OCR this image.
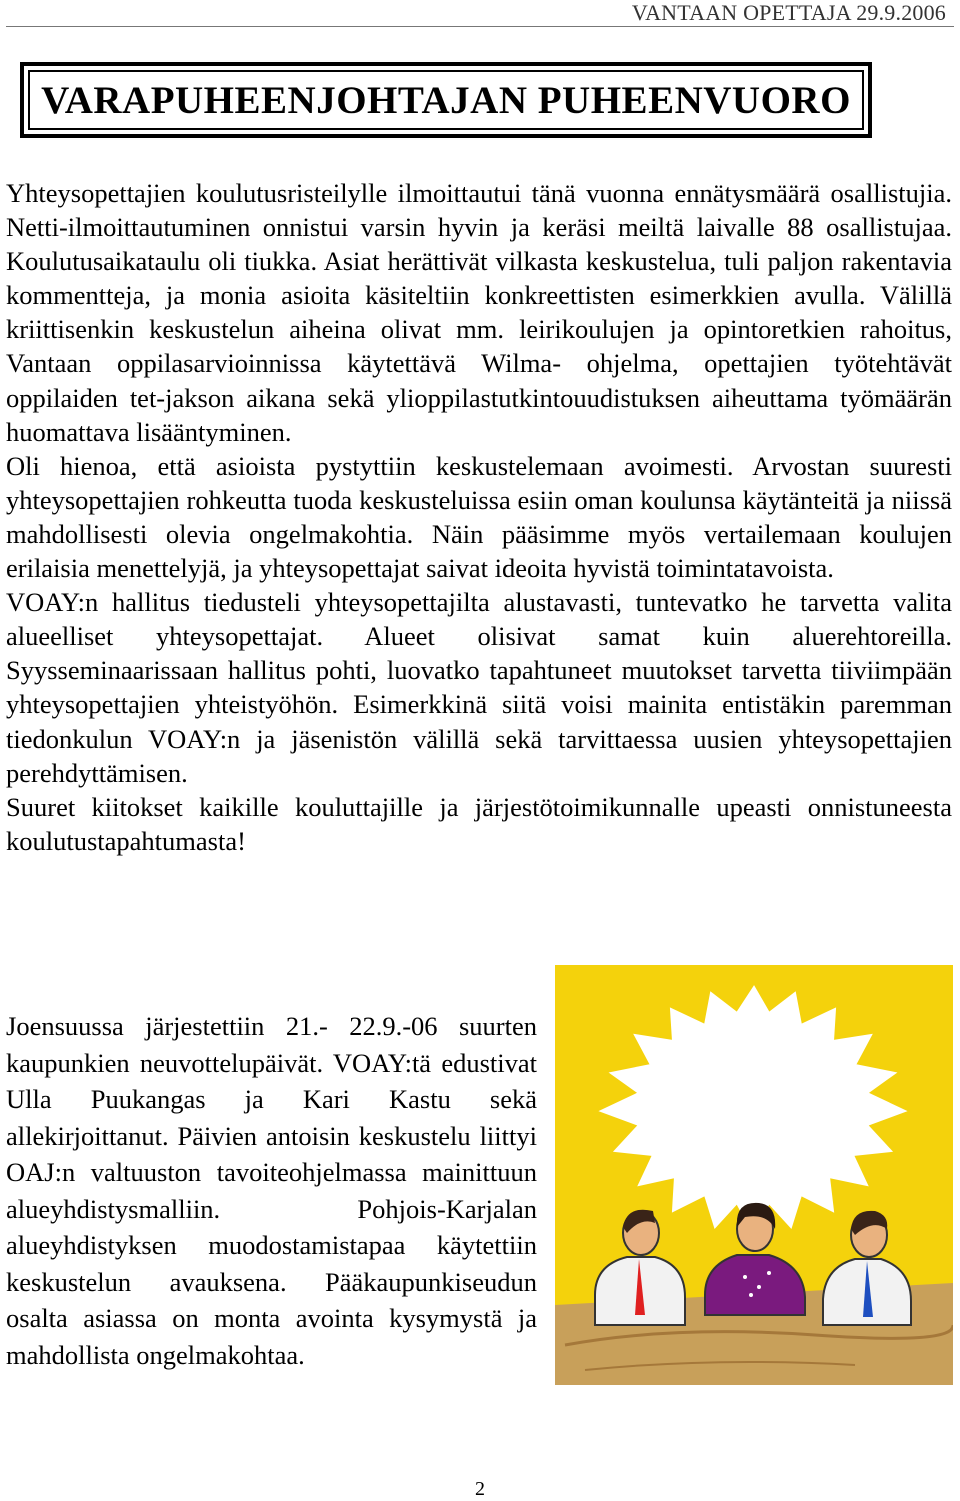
VANTAAN OPETTAJA 29.9.2006
VARAPUHEENJOHTAJAN PUHEENVUORO

Yhteysopettajien koulutusristeilylle ilmoittautui tänä vuonna ennätysmäärä osallistujia. Netti-ilmoittautuminen onnistui varsin hyvin ja keräsi meiltä laivalle 88 osallistujaa. Koulutusaikataulu oli tiukka. Asiat herättivät vilkasta keskustelua, tuli paljon rakentavia kommentteja, ja monia asioita käsiteltiin konkreettisten esimerkkien avulla. Välillä kriittisenkin keskustelun aiheina olivat mm. leirikoulujen ja opintoretkien rahoitus, Vantaan oppilasarvioinnissa käytettävä Wilma- ohjelma, opettajien työtehtävät oppilaiden tet-jakson aikana sekä ylioppilastutkintouudistuksen aiheuttama työmäärän huomattava lisääntyminen.

Oli hienoa, että asioista pystyttiin keskustelemaan avoimesti. Arvostan suuresti yhteysopettajien rohkeutta tuoda keskusteluissa esiin oman koulunsa käytänteitä ja niissä mahdollisesti olevia ongelmakohtia. Näin pääsimme myös vertailemaan koulujen erilaisia menettelyjä, ja yhteysopettajat saivat ideoita hyvistä toimintatavoista.

VOAY:n hallitus tiedusteli yhteysopettajilta alustavasti, tuntevatko he tarvetta valita alueelliset yhteysopettajat. Alueet olisivat samat kuin aluerehtoreilla. Syysseminaarissaan hallitus pohti, luovatko tapahtuneet muutokset tarvetta tiiviimpään yhteysopettajien yhteistyöhön. Esimerkkinä siitä voisi mainita entistäkin paremman tiedonkulun VOAY:n ja jäsenistön välillä sekä tarvittaessa uusien yhteysopettajien perehdyttämisen.

Suuret kiitokset kaikille kouluttajille ja järjestötoimikunnalle upeasti onnistuneesta koulutustapahtumasta!

Joensuussa järjestettiin 21.- 22.9.-06 suurten kaupunkien neuvottelupäivät. VOAY:tä edustivat Ulla Puukangas ja Kari Kastu sekä allekirjoittanut. Päivien antoisin keskustelu liittyi OAJ:n valtuuston tavoiteohjelmassa mainittuun alueyhdistysmalliin. Pohjois-Karjalan alueyhdistyksen muodostamistapaa käytettiin keskustelun avauksena. Pääkaupunkiseudun osalta asiassa on monta avointa kysymystä ja mahdollista ongelmakohtaa.

2
